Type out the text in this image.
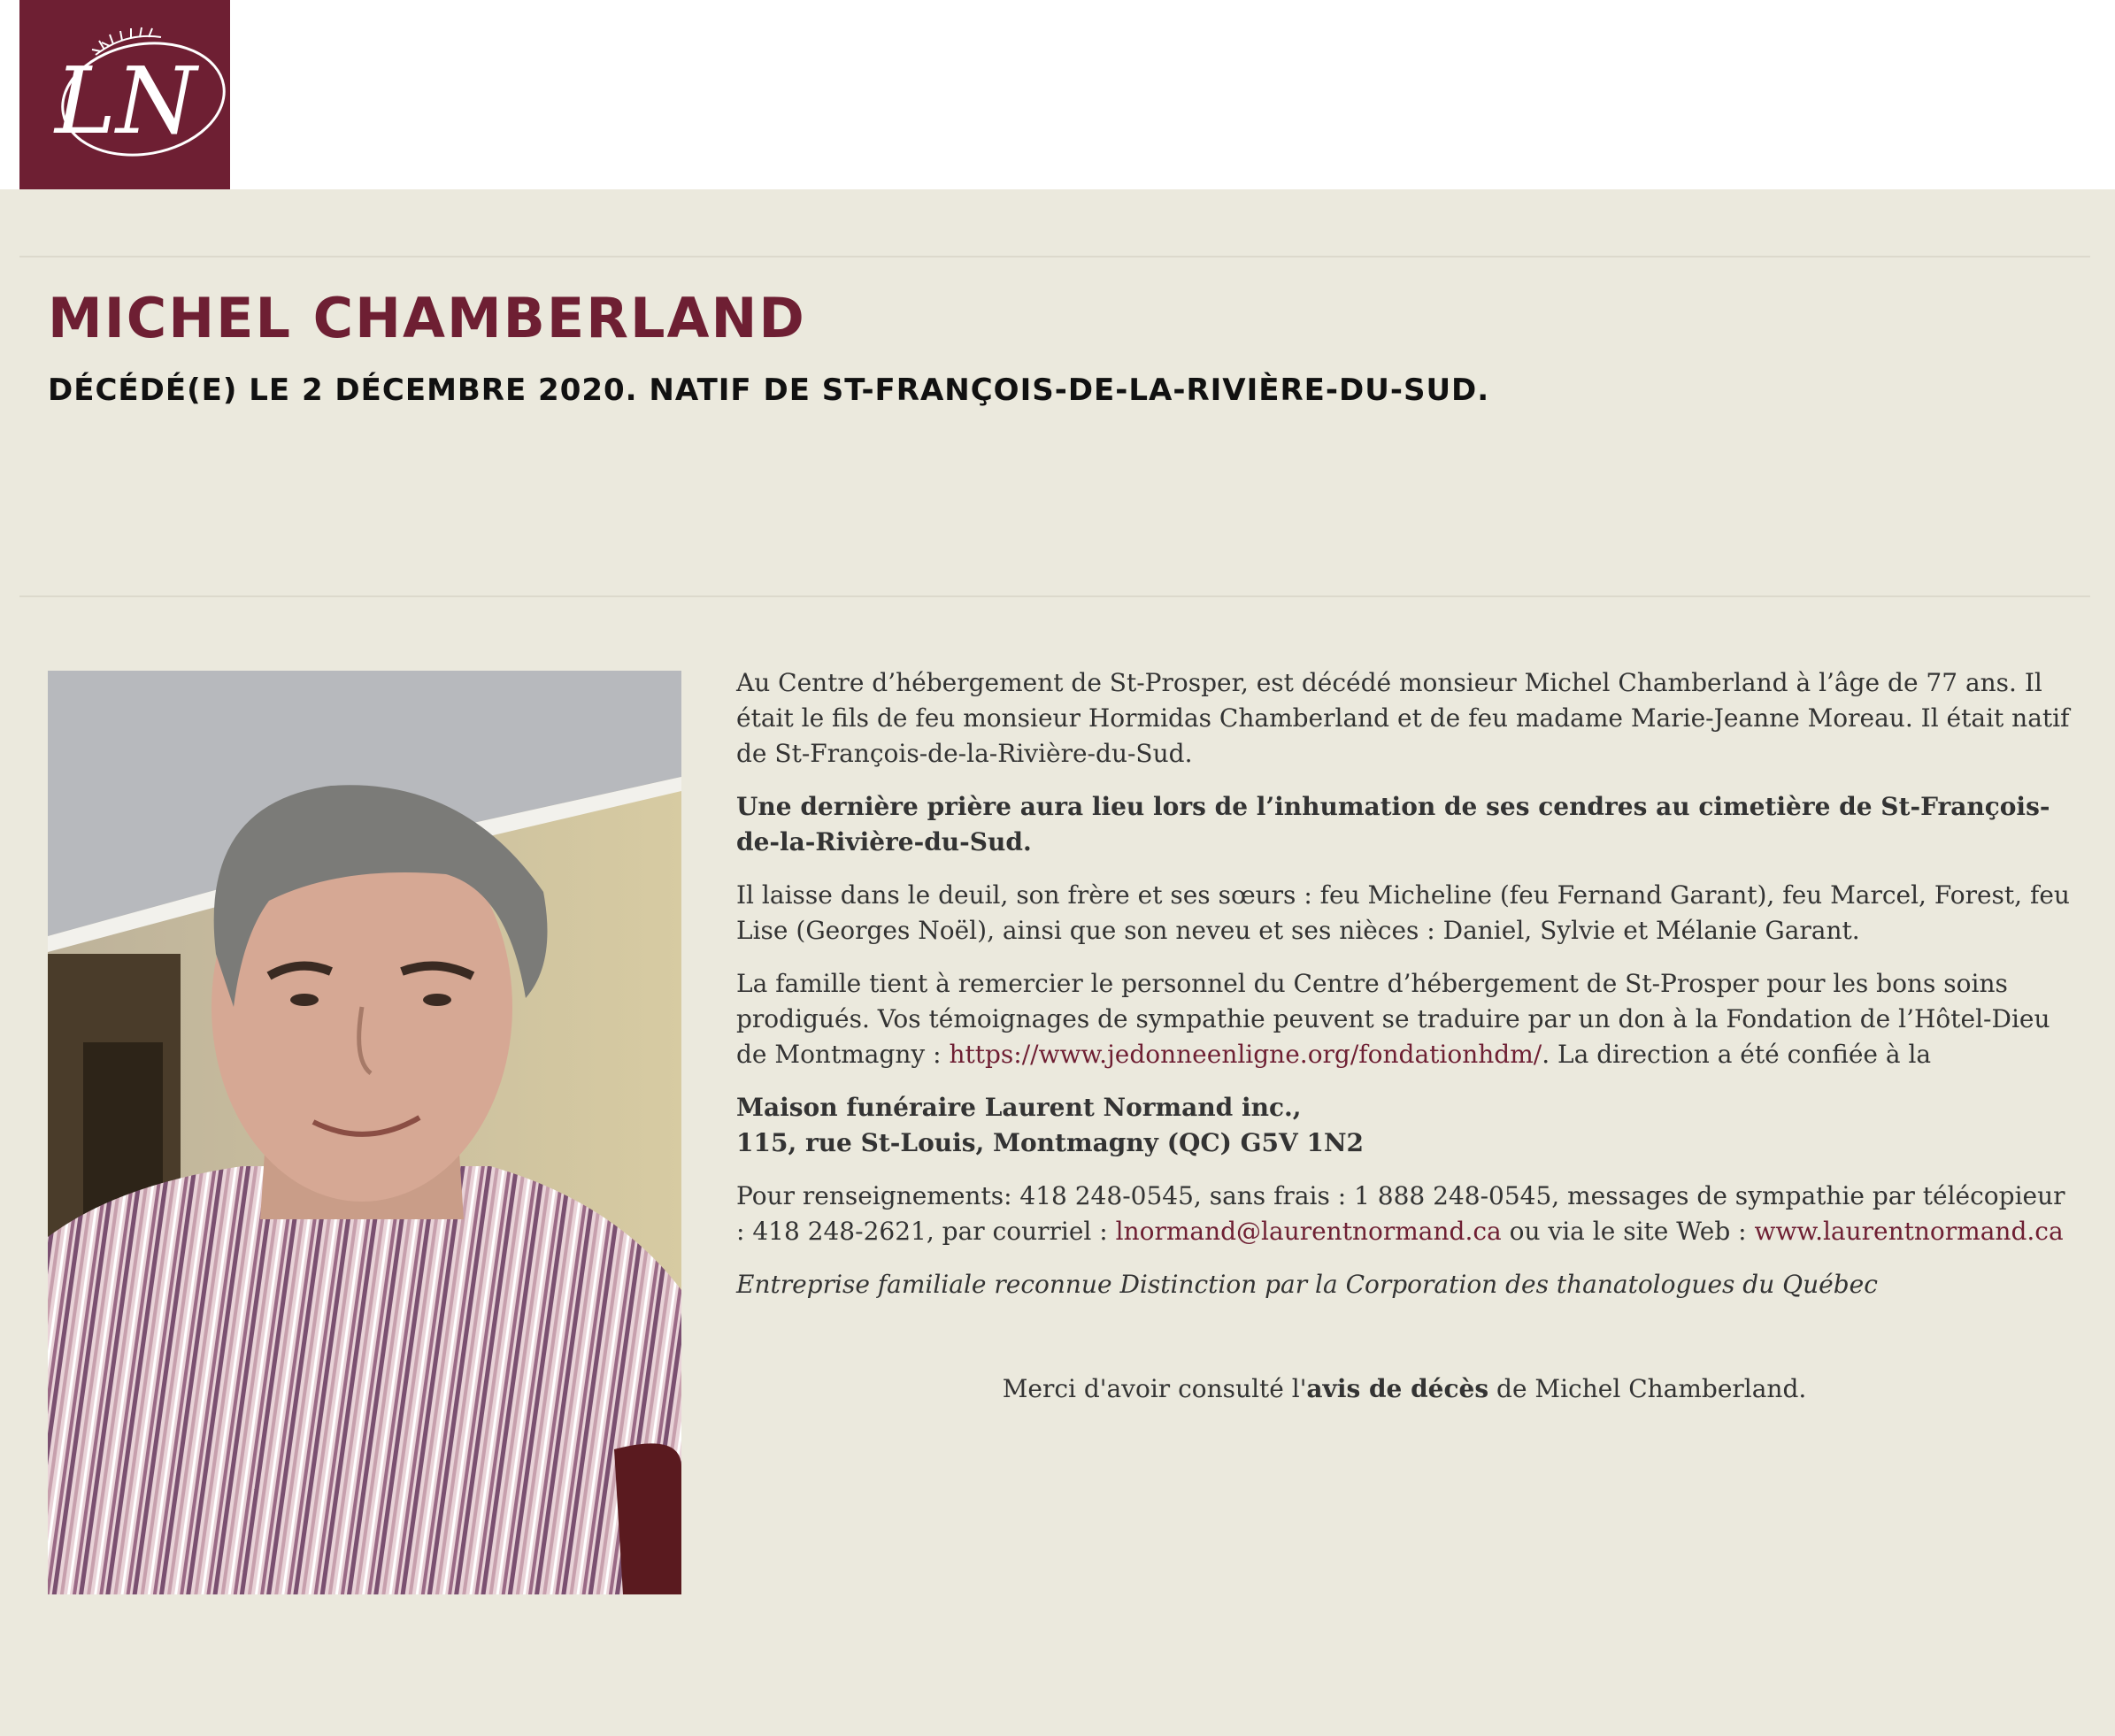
LN
MICHEL CHAMBERLAND
DÉCÉDÉ(E) LE 2 DÉCEMBRE 2020. NATIF DE ST-FRANÇOIS-DE-LA-RIVIÈRE-DU-SUD.

Au Centre d’hébergement de St-Prosper, est décédé monsieur Michel Chamberland à l’âge de 77 ans. Il était le fils de feu monsieur Hormidas Chamberland et de feu madame Marie-Jeanne Moreau. Il était natif de St-François-de-la-Rivière-du-Sud.

Une dernière prière aura lieu lors de l’inhumation de ses cendres au cimetière de St-François-de-la-Rivière-du-Sud.

Il laisse dans le deuil, son frère et ses sœurs : feu Micheline (feu Fernand Garant), feu Marcel, Forest, feu Lise (Georges Noël), ainsi que son neveu et ses nièces : Daniel, Sylvie et Mélanie Garant.

La famille tient à remercier le personnel du Centre d’hébergement de St-Prosper pour les bons soins prodigués. Vos témoignages de sympathie peuvent se traduire par un don à la Fondation de l’Hôtel-Dieu de Montmagny : https://www.jedonneenligne.org/fondationhdm/. La direction a été confiée à la

Maison funéraire Laurent Normand inc.,
115, rue St-Louis, Montmagny (QC) G5V 1N2

Pour renseignements: 418 248-0545, sans frais : 1 888 248-0545, messages de sympathie par télécopieur : 418 248-2621, par courriel : lnormand@laurentnormand.ca ou via le site Web : www.laurentnormand.ca

Entreprise familiale reconnue Distinction par la Corporation des thanatologues du Québec

Merci d'avoir consulté l'avis de décès de Michel Chamberland.
